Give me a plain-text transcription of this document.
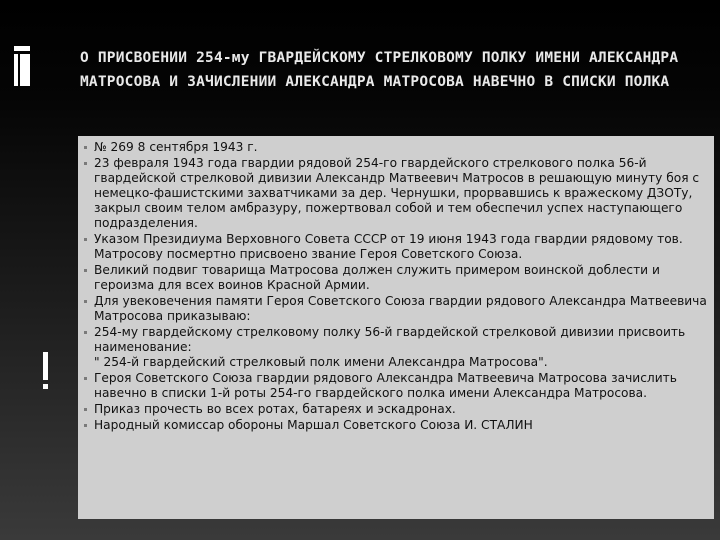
О ПРИСВОЕНИИ 254-му ГВАРДЕЙСКОМУ СТРЕЛКОВОМУ ПОЛКУ ИМЕНИ АЛЕКСАНДРА МАТРОСОВА И ЗАЧИСЛЕНИИ АЛЕКСАНДРА МАТРОСОВА НАВЕЧНО В СПИСКИ ПОЛКА
№ 269 8 сентября 1943 г.
23 февраля 1943 года гвардии рядовой 254-го гвардейского стрелкового полка 56-й гвардейской стрелковой дивизии Александр Матвеевич Матросов в решающую минуту боя с немецко-фашистскими захватчиками за дер. Чернушки, прорвавшись к вражескому ДЗОТу, закрыл своим телом амбразуру, пожертвовал собой и тем обеспечил успех наступающего подразделения.
Указом Президиума Верховного Совета СССР от 19 июня 1943 года гвардии рядовому тов. Матросову посмертно присвоено звание Героя Советского Союза.
Великий подвиг товарища Матросова должен служить примером воинской доблести и героизма для всех воинов Красной Армии.
Для увековечения памяти Героя Советского Союза гвардии рядового Александра Матвеевича Матросова приказываю:
254-му гвардейскому стрелковому полку 56-й гвардейской стрелковой дивизии присвоить наименование:
" 254-й гвардейский стрелковый полк имени Александра Матросова".
Героя Советского Союза гвардии рядового Александра Матвеевича Матросова зачислить навечно в списки 1-й роты 254-го гвардейского полка имени Александра Матросова.
Приказ прочесть во всех ротах, батареях и эскадронах.
Народный комиссар обороны Маршал Советского Союза И. СТАЛИН
